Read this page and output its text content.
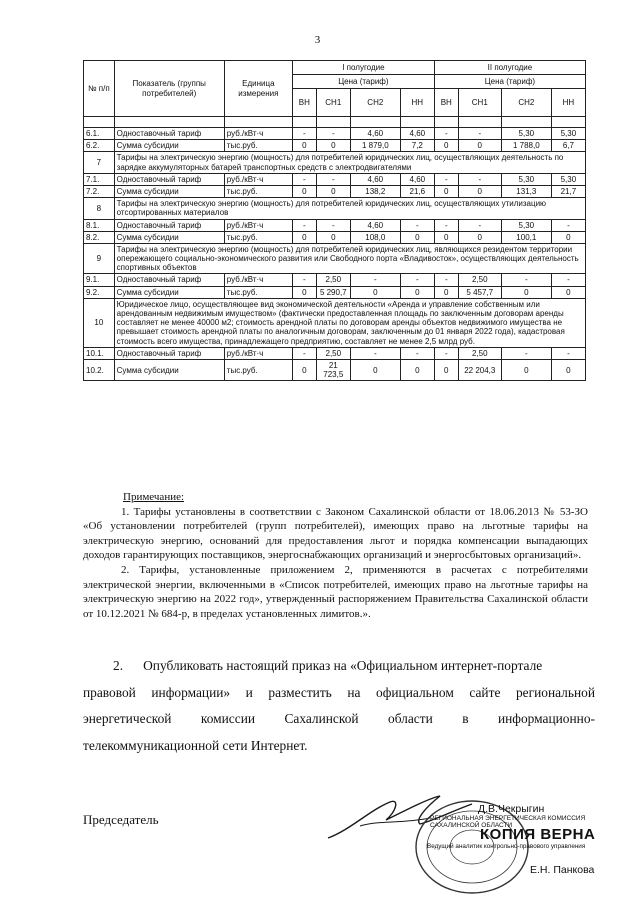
3
№ п/п	Показатель (группы потребителей)	Единица измерения	I полугодие				II полугодие			
			Цена (тариф)				Цена (тариф)			
			ВН	СН1	СН2	НН	ВН	СН1	СН2	НН

6.1.	Одноставочный тариф	руб./кВт·ч	-	-	4,60	4,60	-	-	5,30	5,30
6.2.	Сумма субсидии	тыс.руб.	0	0	1 879,0	7,2	0	0	1 788,0	6,7
7	Тарифы на электрическую энергию (мощность) для потребителей юридических лиц, осуществляющих деятельность по зарядке аккумуляторных батарей транспортных средств с электродвигателями									
7.1.	Одноставочный тариф	руб./кВт·ч	-	-	4,60	4,60	-	-	5,30	5,30
7.2.	Сумма субсидии	тыс.руб.	0	0	138,2	21,6	0	0	131,3	21,7
8	Тарифы на электрическую энергию (мощность) для потребителей юридических лиц, осуществляющих утилизацию отсортированных материалов									
8.1.	Одноставочный тариф	руб./кВт·ч	-	-	4,60	-	-	-	5,30	-
8.2.	Сумма субсидии	тыс.руб.	0	0	108,0	0	0	0	100,1	0
9	Тарифы на электрическую энергию (мощность) для потребителей юридических лиц, являющихся резидентом территории опережающего социально-экономического развития или Свободного порта «Владивосток», осуществляющих деятельность спортивных объектов									
9.1.	Одноставочный тариф	руб./кВт·ч	-	2,50	-	-	-	2,50	-	-
9.2.	Сумма субсидии	тыс.руб.	0	5 290,7	0	0	0	5 457,7	0	0
10	Юридическое лицо, осуществляющее вид экономической деятельности «Аренда и управление собственным или арендованным недвижимым имуществом» (фактически предоставленная площадь по заключенным договорам аренды составляет не менее 40000 м2; стоимость арендной платы по договорам аренды объектов недвижимого имущества не превышает стоимость арендной платы по аналогичным договорам, заключенным до 01 января 2022 года), кадастровая стоимость всего имущества, принадлежащего предприятию, составляет не менее 2,5 млрд руб.									
10.1.	Одноставочный тариф	руб./кВт·ч	-	2,50	-	-	-	2,50	-	-
10.2.	Сумма субсидии	тыс.руб.	0	21 723,5	0	0	0	22 204,3	0	0

Примечание:

1. Тарифы установлены в соответствии с Законом Сахалинской области от 18.06.2013 № 53-ЗО «Об установлении потребителей (групп потребителей), имеющих право на льготные тарифы на электрическую энергию, оснований для предоставления льгот и порядка компенсации выпадающих доходов гарантирующих поставщиков, энергоснабжающих организаций и энергосбытовых организаций».

2. Тарифы, установленные приложением 2, применяются в расчетах с потребителями электрической энергии, включенными в «Список потребителей, имеющих право на льготные тарифы на электрическую энергию на 2022 год», утвержденный распоряжением Правительства Сахалинской области от 10.12.2021 № 684-р, в пределах установленных лимитов.».

2.      Опубликовать настоящий приказ на «Официальном интернет-портале
правовой информации» и разместить на официальном сайте региональной
энергетической комиссии Сахалинской области в информационно-
телекоммуникационной сети Интернет.
Председатель
Д.В.Чекрыгин
РЕГИОНАЛЬНАЯ ЭНЕРГЕТИЧЕСКАЯ КОМИССИЯ САХАЛИНСКОЙ ОБЛАСТИ
КОПИЯ ВЕРНА
Ведущий аналитик контрольно-правового управления
Е.Н. Панкова
